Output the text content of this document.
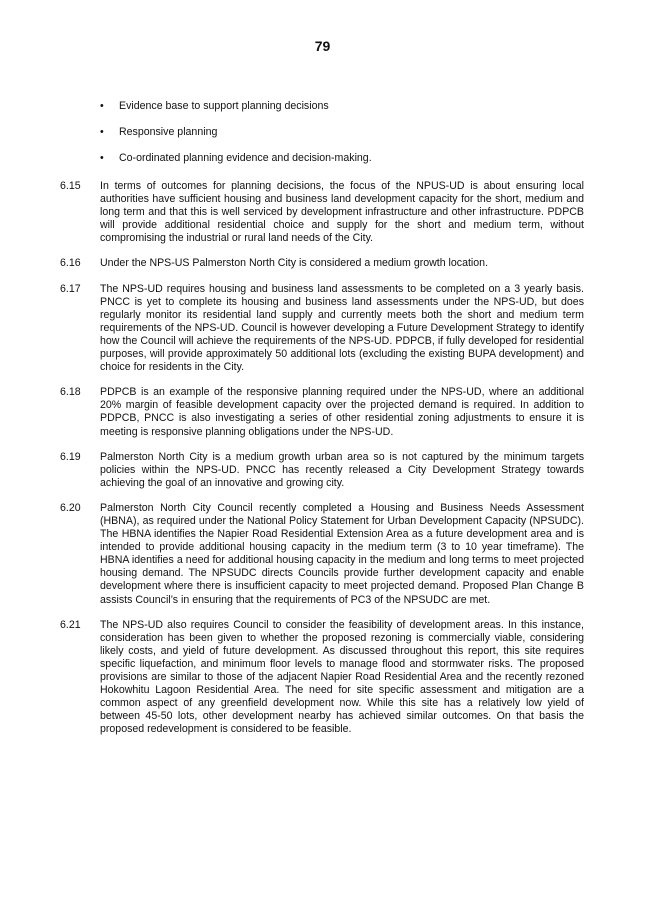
79
• Evidence base to support planning decisions
• Responsive planning
• Co-ordinated planning evidence and decision-making.
6.15	In terms of outcomes for planning decisions, the focus of the NPUS-UD is about ensuring local authorities have sufficient housing and business land development capacity for the short, medium and long term and that this is well serviced by development infrastructure and other infrastructure. PDPCB will provide additional residential choice and supply for the short and medium term, without compromising the industrial or rural land needs of the City.
6.16	Under the NPS-US Palmerston North City is considered a medium growth location.
6.17	The NPS-UD requires housing and business land assessments to be completed on a 3 yearly basis. PNCC is yet to complete its housing and business land assessments under the NPS-UD, but does regularly monitor its residential land supply and currently meets both the short and medium term requirements of the NPS-UD. Council is however developing a Future Development Strategy to identify how the Council will achieve the requirements of the NPS-UD. PDPCB, if fully developed for residential purposes, will provide approximately 50 additional lots (excluding the existing BUPA development) and choice for residents in the City.
6.18	PDPCB is an example of the responsive planning required under the NPS-UD, where an additional 20% margin of feasible development capacity over the projected demand is required. In addition to PDPCB, PNCC is also investigating a series of other residential zoning adjustments to ensure it is meeting is responsive planning obligations under the NPS-UD.
6.19	Palmerston North City is a medium growth urban area so is not captured by the minimum targets policies within the NPS-UD. PNCC has recently released a City Development Strategy towards achieving the goal of an innovative and growing city.
6.20	Palmerston North City Council recently completed a Housing and Business Needs Assessment (HBNA), as required under the National Policy Statement for Urban Development Capacity (NPSUDC). The HBNA identifies the Napier Road Residential Extension Area as a future development area and is intended to provide additional housing capacity in the medium term (3 to 10 year timeframe). The HBNA identifies a need for additional housing capacity in the medium and long terms to meet projected housing demand. The NPSUDC directs Councils provide further development capacity and enable development where there is insufficient capacity to meet projected demand. Proposed Plan Change B assists Council’s in ensuring that the requirements of PC3 of the NPSUDC are met.
6.21	The NPS-UD also requires Council to consider the feasibility of development areas. In this instance, consideration has been given to whether the proposed rezoning is commercially viable, considering likely costs, and yield of future development. As discussed throughout this report, this site requires specific liquefaction, and minimum floor levels to manage flood and stormwater risks. The proposed provisions are similar to those of the adjacent Napier Road Residential Area and the recently rezoned Hokowhitu Lagoon Residential Area. The need for site specific assessment and mitigation are a common aspect of any greenfield development now. While this site has a relatively low yield of between 45-50 lots, other development nearby has achieved similar outcomes. On that basis the proposed redevelopment is considered to be feasible.
